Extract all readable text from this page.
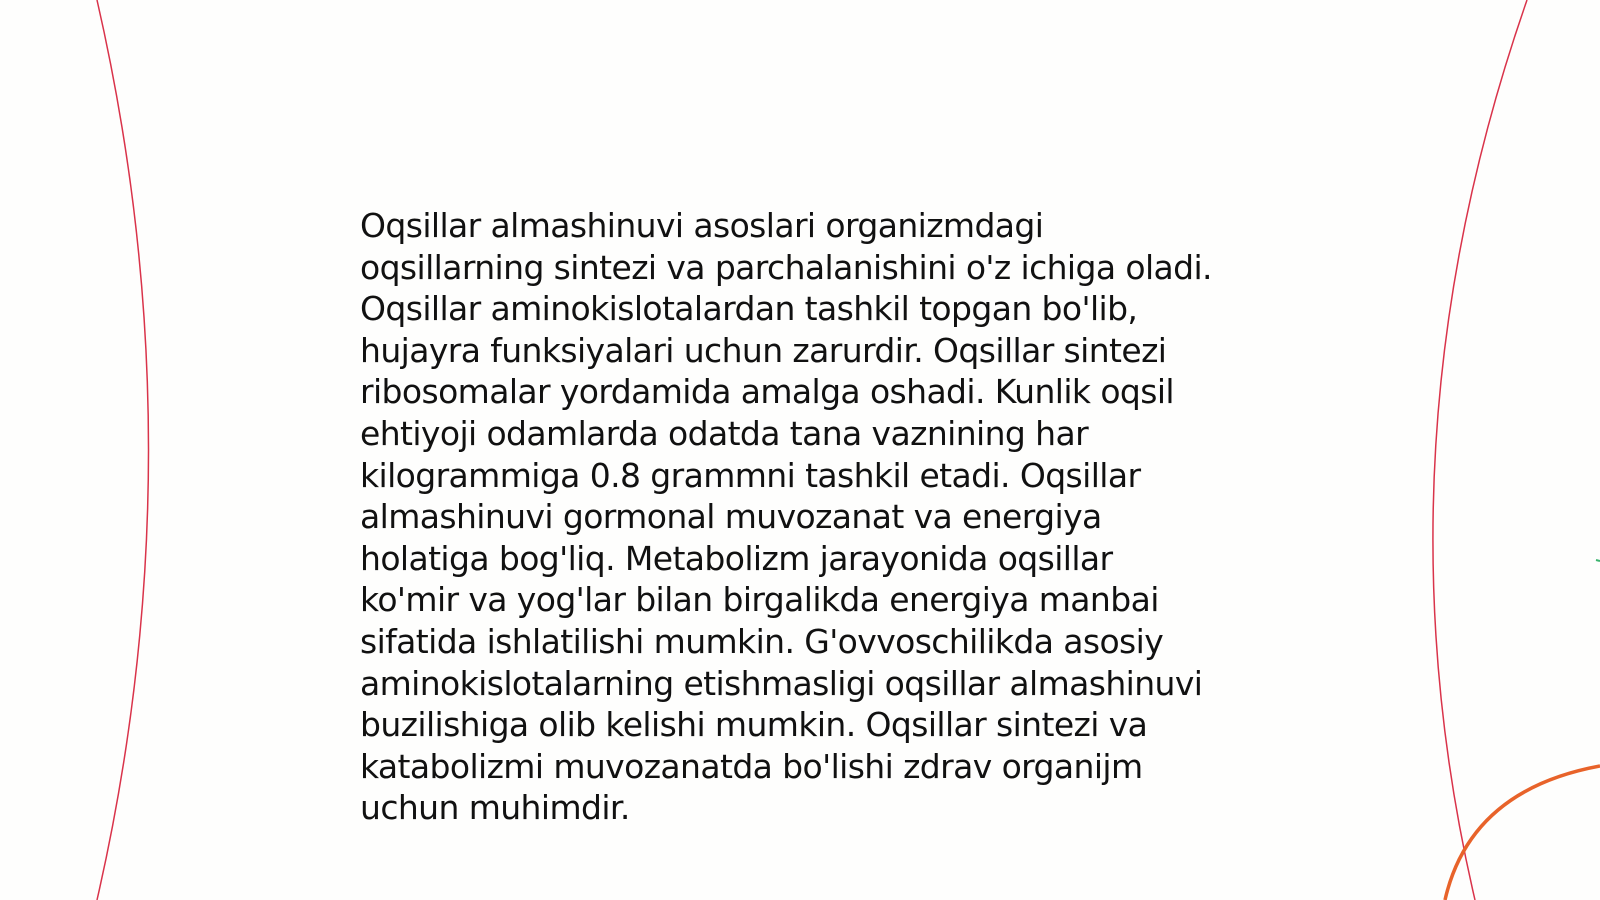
Oqsillar almashinuvi asoslari organizmdagi
oqsillarning sintezi va parchalanishini o'z ichiga oladi.
Oqsillar aminokislotalardan tashkil topgan bo'lib,
hujayra funksiyalari uchun zarurdir. Oqsillar sintezi
ribosomalar yordamida amalga oshadi. Kunlik oqsil
ehtiyoji odamlarda odatda tana vaznining har
kilogrammiga 0.8 grammni tashkil etadi. Oqsillar
almashinuvi gormonal muvozanat va energiya
holatiga bog'liq. Metabolizm jarayonida oqsillar
ko'mir va yog'lar bilan birgalikda energiya manbai
sifatida ishlatilishi mumkin. G'ovvoschilikda asosiy
aminokislotalarning etishmasligi oqsillar almashinuvi
buzilishiga olib kelishi mumkin. Oqsillar sintezi va
katabolizmi muvozanatda bo'lishi zdrav organijm
uchun muhimdir.
